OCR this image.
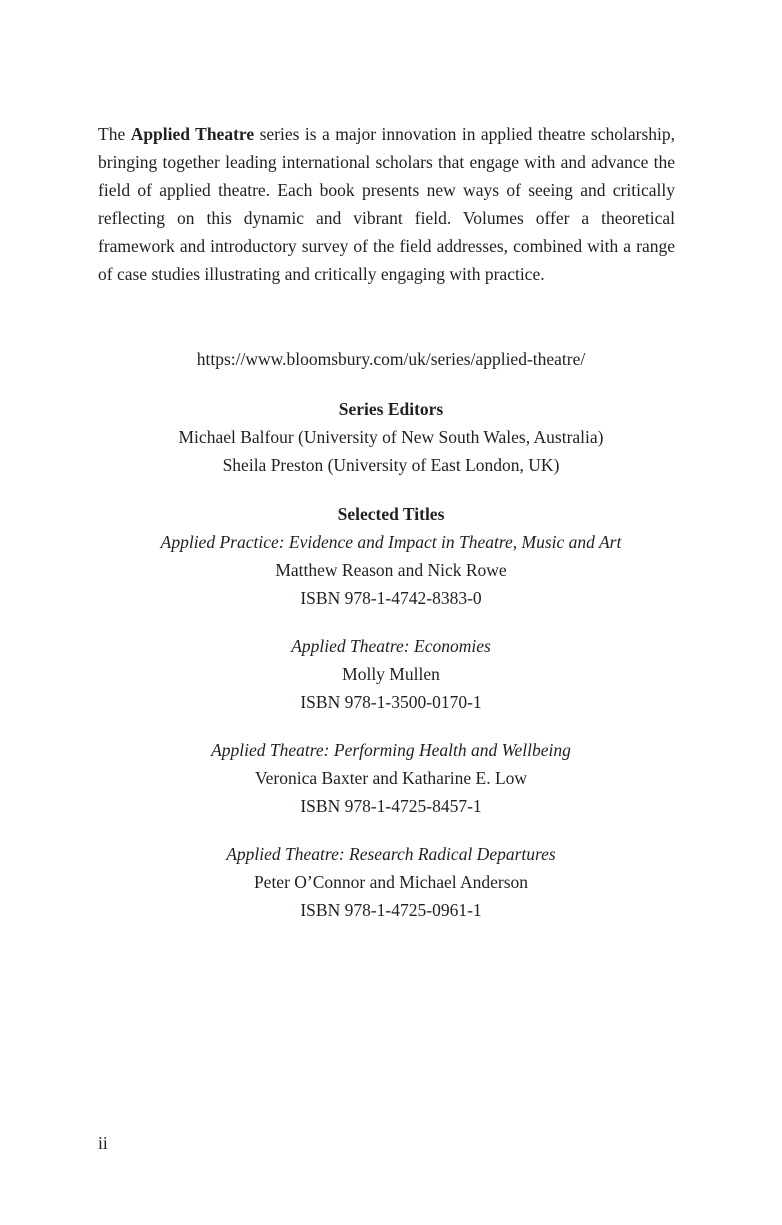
The Applied Theatre series is a major innovation in applied theatre scholarship, bringing together leading international scholars that engage with and advance the field of applied theatre. Each book presents new ways of seeing and critically reflecting on this dynamic and vibrant field. Volumes offer a theoretical framework and introductory survey of the field addresses, combined with a range of case studies illustrating and critically engaging with practice.

https://www.bloomsbury.com/uk/series/applied-theatre/
Series Editors
Michael Balfour (University of New South Wales, Australia)
Sheila Preston (University of East London, UK)
Selected Titles
Applied Practice: Evidence and Impact in Theatre, Music and Art
Matthew Reason and Nick Rowe
ISBN 978-1-4742-8383-0
Applied Theatre: Economies
Molly Mullen
ISBN 978-1-3500-0170-1
Applied Theatre: Performing Health and Wellbeing
Veronica Baxter and Katharine E. Low
ISBN 978-1-4725-8457-1
Applied Theatre: Research Radical Departures
Peter O’Connor and Michael Anderson
ISBN 978-1-4725-0961-1
ii
